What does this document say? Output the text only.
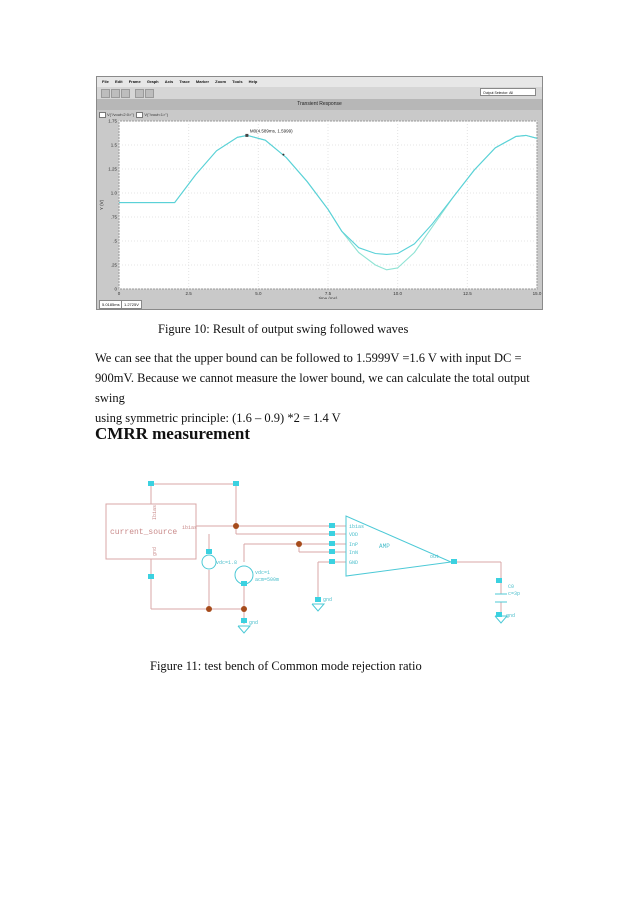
File Edit Frame Graph Axis Trace Marker Zoom Tools Help
Output Selector: All
Transient Response
V("/vout<2:0>")	V("/vout<1>")
0
.25
.5
.75
1.0
1.25
1.5
1.75
0	2.5	5.0	7.5	10.0	12.5	15.0
Y (V)
M0(4.589ms, 1.5999)
5.0185ms	1.2725V
Figure 10: Result of output swing followed waves

We can see that the upper bound can be followed to 1.5999V =1.6 V with input DC =

900mV. Because we cannot measure the lower bound, we can calculate the total output swing

using symmetric principle: (1.6 – 0.9) *2 = 1.4 V

CMRR measurement
current_source
Ibias
gnd
ibias
vdc=1.8
vdc=1
acm=500m
ibias
VDD
InP
InN
GND
AMP
out
C0
c=3p
gnd
gnd
gnd
Figure 11: test bench of Common mode rejection ratio
